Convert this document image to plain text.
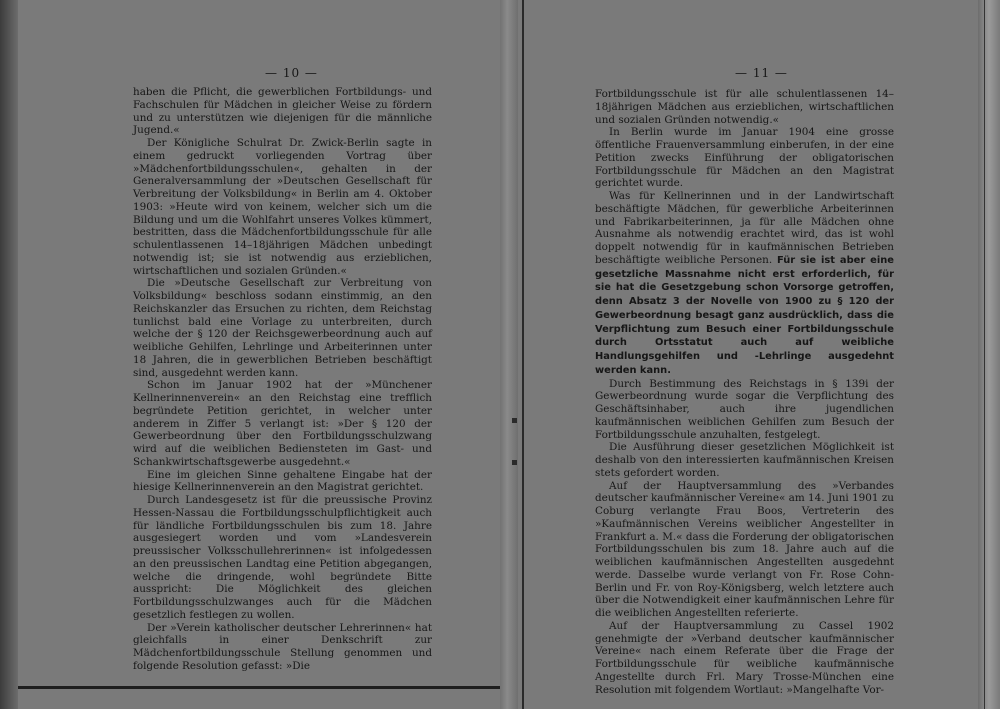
— 10 —

haben die Pflicht, die gewerblichen Fortbildungs- und Fachschulen für Mädchen in gleicher Weise zu fördern und zu unterstützen wie diejenigen für die männliche Jugend.«

Der Königliche Schulrat Dr. Zwick-Berlin sagte in einem gedruckt vorliegenden Vortrag über »Mädchenfortbildungsschulen«, gehalten in der Generalversammlung der »Deutschen Gesellschaft für Verbreitung der Volksbildung« in Berlin am 4. Oktober 1903: »Heute wird von keinem, welcher sich um die Bildung und um die Wohlfahrt unseres Volkes kümmert, bestritten, dass die Mädchenfortbildungsschule für alle schulentlassenen 14–18jährigen Mädchen unbedingt notwendig ist; sie ist notwendig aus erzieblichen, wirtschaftlichen und sozialen Gründen.«

Die »Deutsche Gesellschaft zur Verbreitung von Volksbildung« beschloss sodann einstimmig, an den Reichskanzler das Ersuchen zu richten, dem Reichstag tunlichst bald eine Vorlage zu unterbreiten, durch welche der § 120 der Reichsgewerbeordnung auch auf weibliche Gehilfen, Lehrlinge und Arbeiterinnen unter 18 Jahren, die in gewerblichen Betrieben beschäftigt sind, ausgedehnt werden kann.

Schon im Januar 1902 hat der »Münchener Kellnerinnenverein« an den Reichstag eine trefflich begründete Petition gerichtet, in welcher unter anderem in Ziffer 5 verlangt ist: »Der § 120 der Gewerbeordnung über den Fortbildungsschulzwang wird auf die weiblichen Bediensteten im Gast- und Schankwirtschaftsgewerbe ausgedehnt.«

Eine im gleichen Sinne gehaltene Eingabe hat der hiesige Kellnerinnenverein an den Magistrat gerichtet.

Durch Landesgesetz ist für die preussische Provinz Hessen-Nassau die Fortbildungsschulpflichtigkeit auch für ländliche Fortbildungsschulen bis zum 18. Jahre ausgesiegert worden und vom »Landesverein preussischer Volksschullehrerinnen« ist infolgedessen an den preussischen Landtag eine Petition abgegangen, welche die dringende, wohl begründete Bitte ausspricht: Die Möglichkeit des gleichen Fortbildungsschulzwanges auch für die Mädchen gesetzlich festlegen zu wollen.

Der »Verein katholischer deutscher Lehrerinnen« hat gleichfalls in einer Denkschrift zur Mädchenfortbildungsschule Stellung genommen und folgende Resolution gefasst: »Die

— 11 —

Fortbildungsschule ist für alle schulentlassenen 14–18jährigen Mädchen aus erzieblichen, wirtschaftlichen und sozialen Gründen notwendig.«

In Berlin wurde im Januar 1904 eine grosse öffentliche Frauenversammlung einberufen, in der eine Petition zwecks Einführung der obligatorischen Fortbildungsschule für Mädchen an den Magistrat gerichtet wurde.

Was für Kellnerinnen und in der Landwirtschaft beschäftigte Mädchen, für gewerbliche Arbeiterinnen und Fabrikarbeiterinnen, ja für alle Mädchen ohne Ausnahme als notwendig erachtet wird, das ist wohl doppelt notwendig für in kaufmännischen Betrieben beschäftigte weibliche Personen. Für sie ist aber eine gesetzliche Massnahme nicht erst erforderlich, für sie hat die Gesetzgebung schon Vorsorge getroffen, denn Absatz 3 der Novelle von 1900 zu § 120 der Gewerbeordnung besagt ganz ausdrücklich, dass die Verpflichtung zum Besuch einer Fortbildungsschule durch Ortsstatut auch auf weibliche Handlungsgehilfen und -Lehrlinge ausgedehnt werden kann.

Durch Bestimmung des Reichstags in § 139i der Gewerbeordnung wurde sogar die Verpflichtung des Geschäftsinhaber, auch ihre jugendlichen kaufmännischen weiblichen Gehilfen zum Besuch der Fortbildungsschule anzuhalten, festgelegt.

Die Ausführung dieser gesetzlichen Möglichkeit ist deshalb von den interessierten kaufmännischen Kreisen stets gefordert worden.

Auf der Hauptversammlung des »Verbandes deutscher kaufmännischer Vereine« am 14. Juni 1901 zu Coburg verlangte Frau Boos, Vertreterin des »Kaufmännischen Vereins weiblicher Angestellter in Frankfurt a. M.« dass die Forderung der obligatorischen Fortbildungsschulen bis zum 18. Jahre auch auf die weiblichen kaufmännischen Angestellten ausgedehnt werde. Dasselbe wurde verlangt von Fr. Rose Cohn-Berlin und Fr. von Roy-Königsberg, welch letztere auch über die Notwendigkeit einer kaufmännischen Lehre für die weiblichen Angestellten referierte.

Auf der Hauptversammlung zu Cassel 1902 genehmigte der »Verband deutscher kaufmännischer Vereine« nach einem Referate über die Frage der Fortbildungsschule für weibliche kaufmännische Angestellte durch Frl. Mary Trosse-München eine Resolution mit folgendem Wortlaut: »Mangelhafte Vor-
